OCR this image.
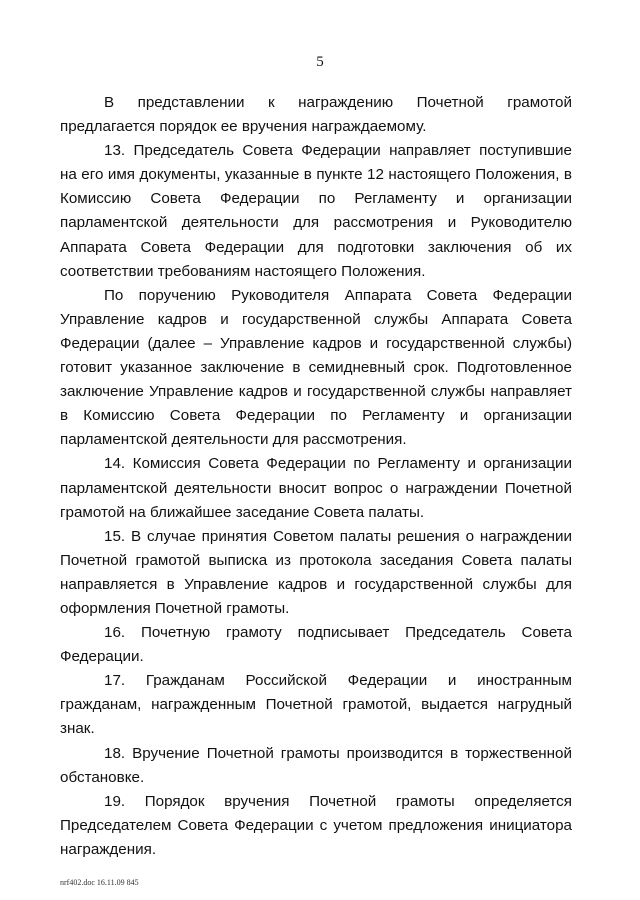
5

В представлении к награждению Почетной грамотой предлагается порядок ее вручения награждаемому.

13. Председатель Совета Федерации направляет поступившие на его имя документы, указанные в пункте 12 настоящего Положения, в Комиссию Совета Федерации по Регламенту и организации парламентской деятельности для рассмотрения и Руководителю Аппарата Совета Федерации для подготовки заключения об их соответствии требованиям настоящего Положения.

По поручению Руководителя Аппарата Совета Федерации Управление кадров и государственной службы Аппарата Совета Федерации (далее – Управление кадров и государственной службы) готовит указанное заключение в семидневный срок. Подготовленное заключение Управление кадров и государственной службы направляет в Комиссию Совета Федерации по Регламенту и организации парламентской деятельности для рассмотрения.

14. Комиссия Совета Федерации по Регламенту и организации парламентской деятельности вносит вопрос о награждении Почетной грамотой на ближайшее заседание Совета палаты.

15. В случае принятия Советом палаты решения о награждении Почетной грамотой выписка из протокола заседания Совета палаты направляется в Управление кадров и государственной службы для оформления Почетной грамоты.

16. Почетную грамоту подписывает Председатель Совета Федерации.

17. Гражданам Российской Федерации и иностранным гражданам, награжденным Почетной грамотой, выдается нагрудный знак.

18. Вручение Почетной грамоты производится в торжественной обстановке.

19. Порядок вручения Почетной грамоты определяется Председателем Совета Федерации с учетом предложения инициатора награждения.

nrf402.doc 16.11.09 845
